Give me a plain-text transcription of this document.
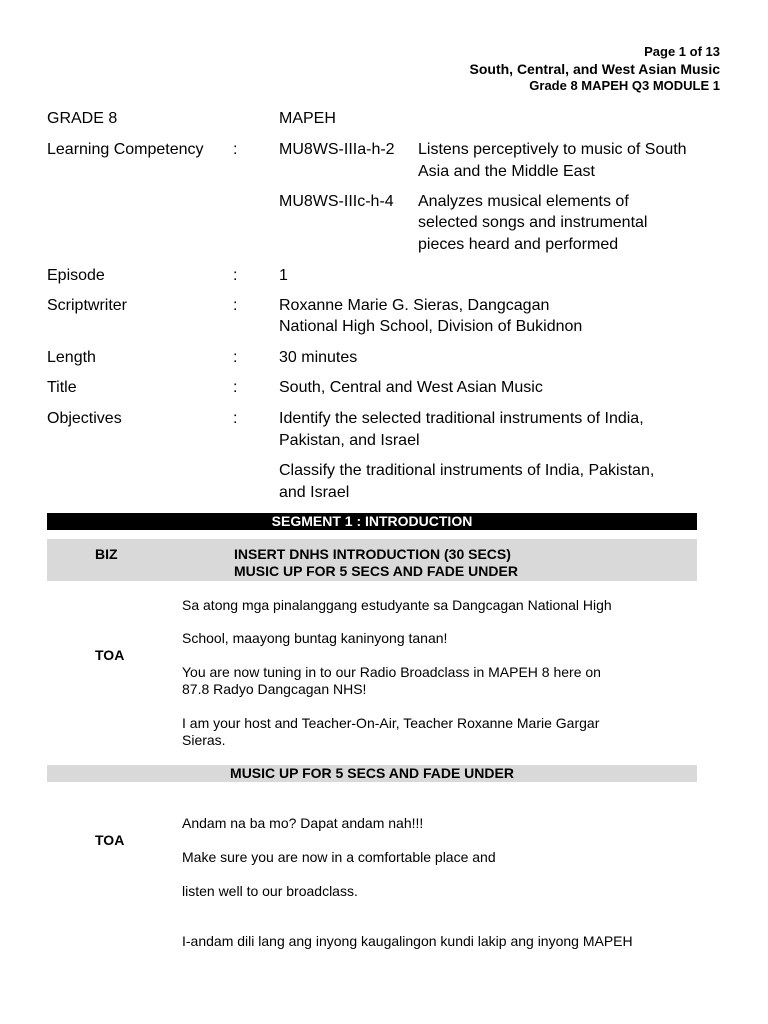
Page 1 of 13
South, Central, and West Asian Music
Grade 8 MAPEH Q3 MODULE 1
GRADE 8	MAPEH
Learning Competency :	MU8WS-IIIa-h-2 Listens perceptively to music of South
Asia and the Middle East
MU8WS-IIIc-h-4 Analyzes musical elements of
selected songs and instrumental
pieces heard and performed
Episode	:	1
Scriptwriter	:	Roxanne Marie G. Sieras, Dangcagan
National High School, Division of Bukidnon
Length	:	30 minutes
Title	:	South, Central and West Asian Music
Objectives	:	Identify the selected traditional instruments of India,
Pakistan, and Israel
Classify the traditional instruments of India, Pakistan,
and Israel
SEGMENT 1 : INTRODUCTION
BIZ	INSERT DNHS INTRODUCTION (30 SECS)
MUSIC UP FOR 5 SECS AND FADE UNDER
TOA
Sa atong mga pinalanggang estudyante sa Dangcagan National High
School, maayong buntag kaninyong tanan!
You are now tuning in to our Radio Broadclass in MAPEH 8 here on
87.8 Radyo Dangcagan NHS!
I am your host and Teacher-On-Air, Teacher Roxanne Marie Gargar
Sieras.
MUSIC UP FOR 5 SECS AND FADE UNDER
TOA
Andam na ba mo? Dapat andam nah!!!
Make sure you are now in a comfortable place and
listen well to our broadclass.
I-andam dili lang ang inyong kaugalingon kundi lakip ang inyong MAPEH
